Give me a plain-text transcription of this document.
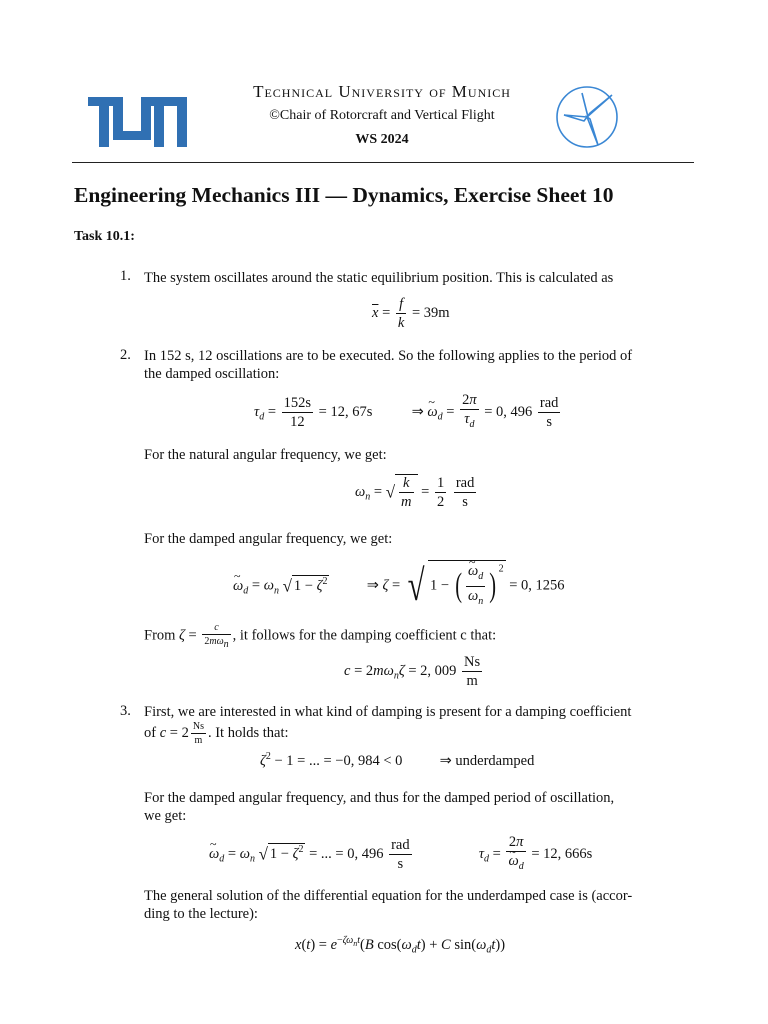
Technical University of Munich
©Chair of Rotorcraft and Vertical Flight
WS 2024
Engineering Mechanics III — Dynamics, Exercise Sheet 10
Task 10.1:
1. The system oscillates around the static equilibrium position. This is calculated as
$\overline{x} = \frac{f}{k} = 39m$
2. In 152 s, 12 oscillations are to be executed. So the following applies to the period of
the damped oscillation:
$\tau_d = \frac{152s}{12} = 12$, 67s  ⇒ ~ $\omega_d = \frac{2\pi}{\tau_d} = 0$, $496 \frac{\text{rad}}{s}$
For the natural angular frequency, we get:
$\omega_n$ = √ $\frac{k}{m} = \frac{1}{2}$
$\frac{\text{rad}}{s}$
For the damped angular frequency, we get:
~ $\omega_d = \omega_n$ √ $1 - \zeta^2$  ⇒ ζ = √ 1 − ( ~ $\frac{\omega_d}{\omega_n}$ ) $^2$ = 0, 1256
From $\zeta = \frac{c}{2m\omega_n}$ , it follows for the damping coefficient c that:
$c = 2m\omega_n\zeta = 2$, $009 \frac{Ns}{m}$
3. First, we are interested in what kind of damping is present for a damping coefficient
of $c = 2 \frac{Ns}{m}$ . It holds that:
$\zeta^2 - 1$ = ... = −0, 984 < 0	⇒ underdamped
For the damped angular frequency, and thus for the damped period of oscillation,
we get:
~ $\omega_d = \omega_n$ √ $1 - \zeta^2$ = ... = 0, $496 \frac{\text{rad}}{s}$	$\tau_d = 2\pi$
~ $\omega_d = 12$, 666s
The general solution of the differential equation for the underdamped case is (accor-
ding to the lecture):
$x(t) = e^{-\zeta\omega_nt}(B$ $\cos(\omega_dt) + C$ $\sin(\omega_dt)$)
